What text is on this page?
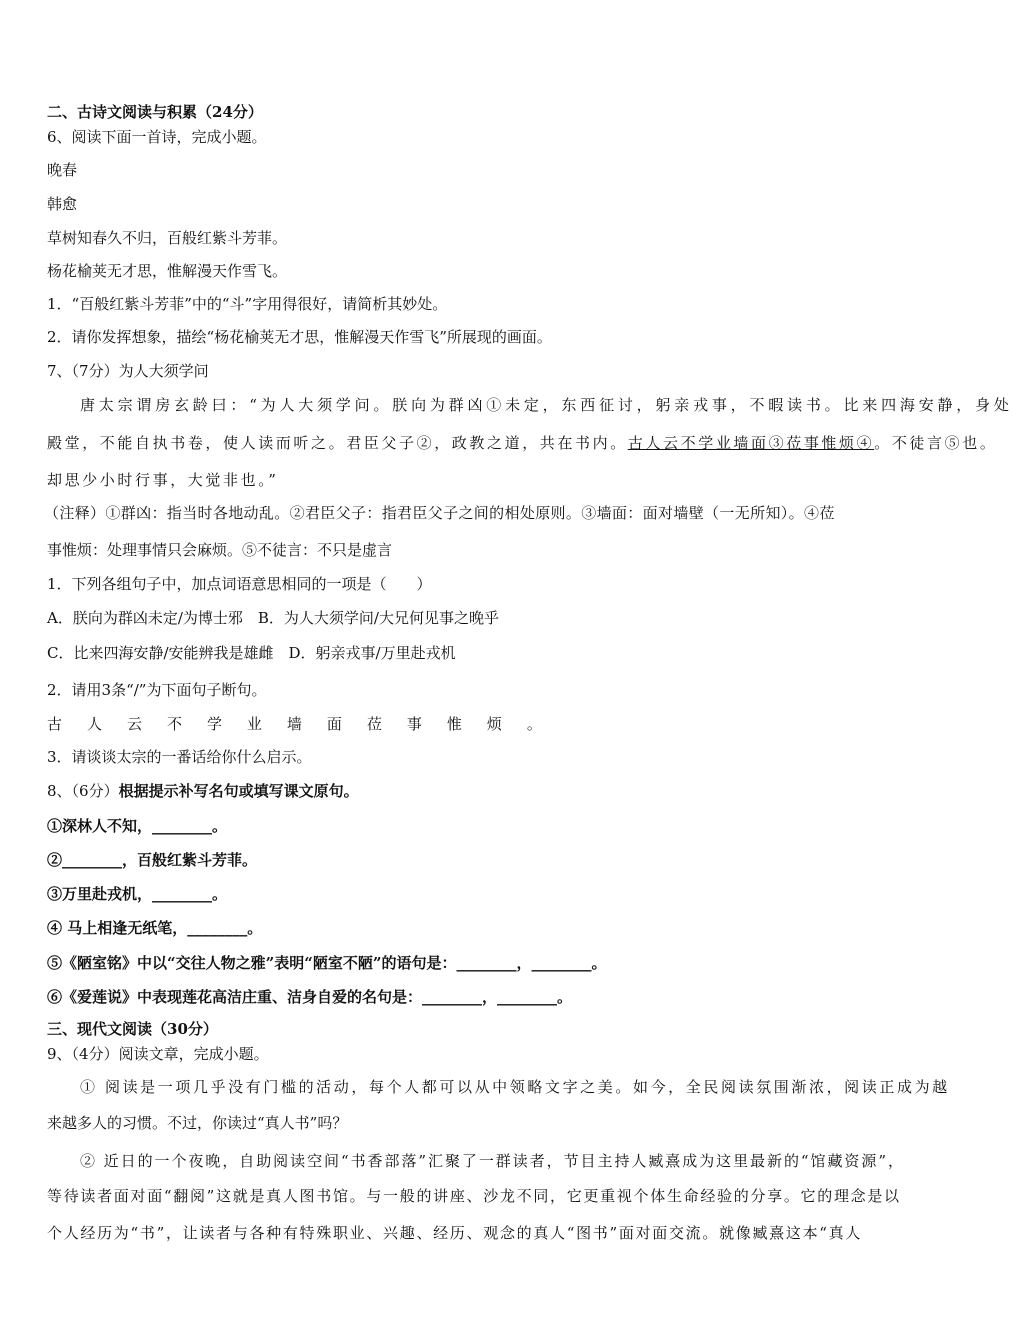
二、古诗文阅读与积累（24分）
6、阅读下面一首诗，完成小题。
晚春
韩愈
草树知春久不归，百般红紫斗芳菲。
杨花榆荚无才思，惟解漫天作雪飞。
1．“百般红紫斗芳菲”中的“斗”字用得很好，请简析其妙处。
2．请你发挥想象，描绘“杨花榆荚无才思，惟解漫天作雪飞”所展现的画面。
7、（7分）为人大须学问
唐太宗谓房玄龄曰：“为人大须学问。朕向为群凶①未定，东西征讨，躬亲戎事，不暇读书。比来四海安静，身处
殿堂，不能自执书卷，使人读而听之。君臣父子②，政教之道，共在书内。古人云不学业墙面③莅事惟烦④。不徒言⑤也。
却思少小时行事，大觉非也。”
（注释）①群凶：指当时各地动乱。②君臣父子：指君臣父子之间的相处原则。③墙面：面对墙壁（一无所知）。④莅
事惟烦：处理事情只会麻烦。⑤不徒言：不只是虚言
1．下列各组句子中，加点词语意思相同的一项是（　　）
A．朕向为群凶未定/为博士邪　B．为人大须学问/大兄何见事之晚乎
C．比来四海安静/安能辨我是雄雌　D．躬亲戎事/万里赴戎机
2．请用3条“/”为下面句子断句。
古 人 云 不 学 业 墙 面 莅 事 惟 烦 。
3．请谈谈太宗的一番话给你什么启示。
8、（6分）根据提示补写名句或填写课文原句。
①深林人不知，________。
②________，百般红紫斗芳菲。
③万里赴戎机，________。
④ 马上相逢无纸笔，________。
⑤《陋室铭》中以“交往人物之雅”表明“陋室不陋”的语句是：________，________。
⑥《爱莲说》中表现莲花高洁庄重、洁身自爱的名句是：________，________。
三、现代文阅读（30分）
9、（4分）阅读文章，完成小题。
① 阅读是一项几乎没有门槛的活动，每个人都可以从中领略文字之美。如今，全民阅读氛围渐浓，阅读正成为越
来越多人的习惯。不过，你读过“真人书”吗？
② 近日的一个夜晚，自助阅读空间“书香部落”汇聚了一群读者，节目主持人臧熹成为这里最新的“馆藏资源”，
等待读者面对面“翻阅”这就是真人图书馆。与一般的讲座、沙龙不同，它更重视个体生命经验的分享。它的理念是以
个人经历为“书”，让读者与各种有特殊职业、兴趣、经历、观念的真人“图书”面对面交流。就像臧熹这本“真人
